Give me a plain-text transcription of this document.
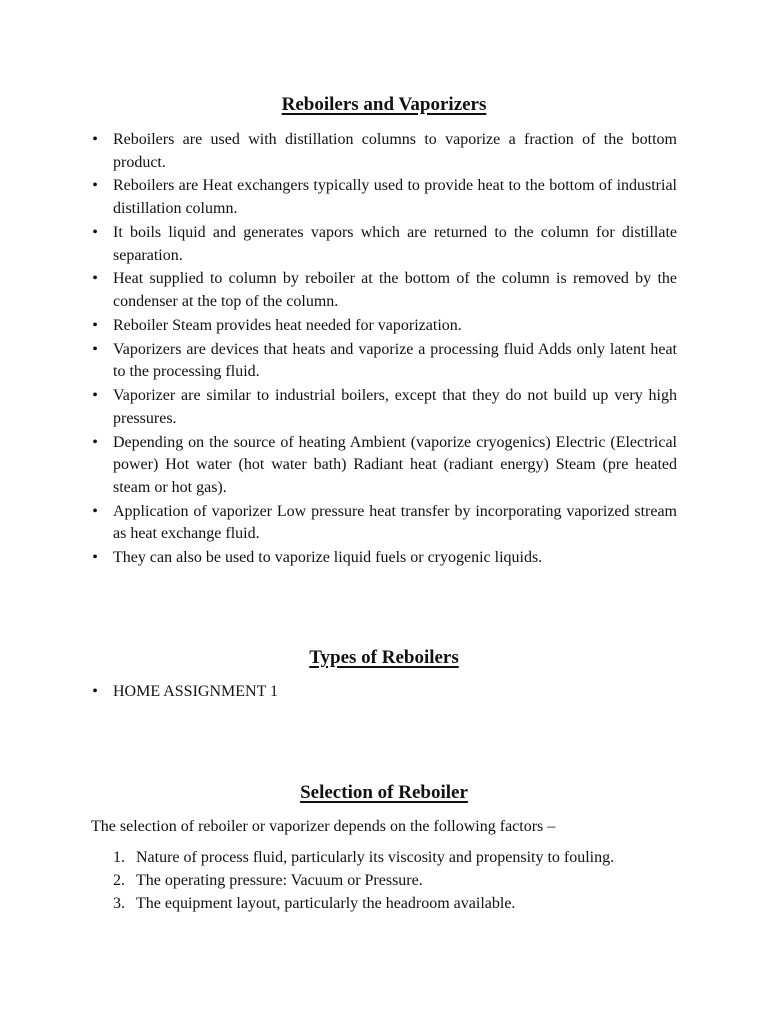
Reboilers and Vaporizers
• Reboilers are used with distillation columns to vaporize a fraction of the bottom product.
• Reboilers are Heat exchangers typically used to provide heat to the bottom of industrial distillation column.
• It boils liquid and generates vapors which are returned to the column for distillate separation.
• Heat supplied to column by reboiler at the bottom of the column is removed by the condenser at the top of the column.
• Reboiler Steam provides heat needed for vaporization.
• Vaporizers are devices that heats and vaporize a processing fluid Adds only latent heat to the processing fluid.
• Vaporizer are similar to industrial boilers, except that they do not build up very high pressures.
• Depending on the source of heating Ambient (vaporize cryogenics) Electric (Electrical power) Hot water (hot water bath) Radiant heat (radiant energy) Steam (pre heated steam or hot gas).
• Application of vaporizer Low pressure heat transfer by incorporating vaporized stream as heat exchange fluid.
• They can also be used to vaporize liquid fuels or cryogenic liquids.
Types of Reboilers
• HOME ASSIGNMENT 1
Selection of Reboiler
The selection of reboiler or vaporizer depends on the following factors –
1. Nature of process fluid, particularly its viscosity and propensity to fouling.
2. The operating pressure: Vacuum or Pressure.
3. The equipment layout, particularly the headroom available.
